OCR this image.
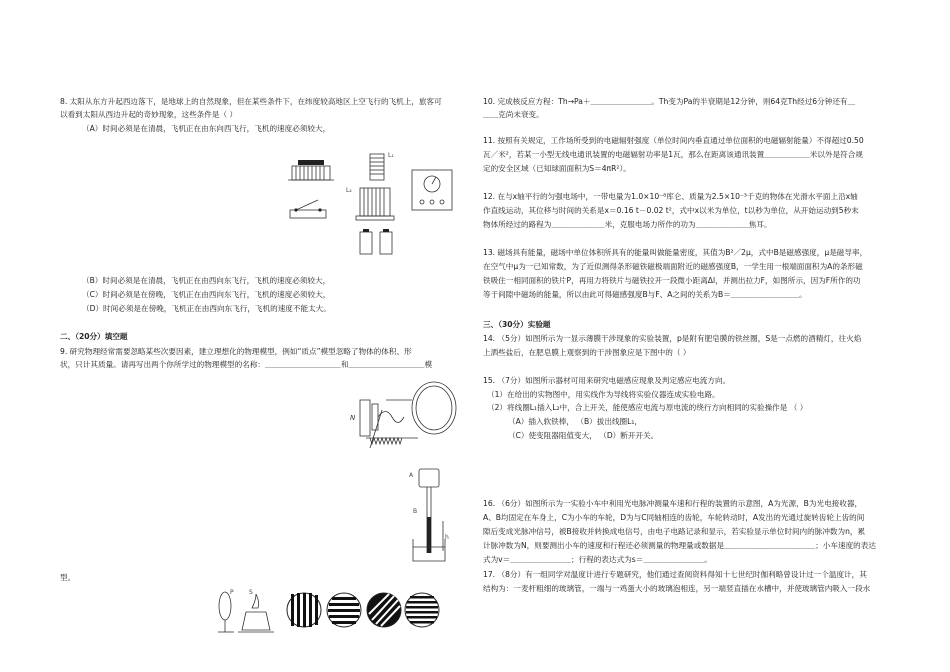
8. 太阳从东方升起西边落下，是地球上的自然现象，但在某些条件下，在纬度较高地区上空飞行的飞机上，旅客可
以看到太阳从西边升起的奇妙现象，这些条件是（ ）
（A）时间必须是在清晨，飞机正在由东向西飞行，飞机的速度必须较大，
L₁
L₂
（B）时间必须是在清晨，飞机正在由西向东飞行，飞机的速度必须较大，
（C）时间必须是在傍晚，飞机正在由西向东飞行，飞机的速度必须较大，
（D）时间必须是在傍晚，飞机正在由西向东飞行，飞机的速度不能太大。
二、（20分）填空题
9. 研究物理经常需要忽略某些次要因素，建立理想化的物理模型，例如“质点”模型忽略了物体的体积、形
状，只计其质量。请再写出两个你所学过的物理模型的名称：＿＿＿＿＿＿＿＿＿＿和＿＿＿＿＿＿＿＿＿＿模
N
A
B
h
型。
P	S
10. 完成核反应方程：Th→Pa＋＿＿＿＿＿＿＿＿。Th变为Pa的半衰期是12分钟，则64克Th经过6分钟还有＿
＿＿克尚未衰变。
11. 按照有关规定，工作场所受到的电磁辐射强度（单位时间内垂直通过单位面积的电磁辐射能量）不得超过0.50
瓦／米²，若某一小型无线电通讯装置的电磁辐射功率是1瓦，那么在距离该通讯装置＿＿＿＿＿＿米以外是符合规
定的安全区域（已知球面面积为S＝4πR²）。
12. 在与x轴平行的匀强电场中，一带电量为1.0×10⁻⁸库仑、质量为2.5×10⁻³千克的物体在光滑水平面上沿x轴
作直线运动，其位移与时间的关系是x＝0.16 t－0.02 t²，式中x以米为单位，t以秒为单位，从开始运动到5秒末
物体所经过的路程为＿＿＿＿＿＿＿米，克服电场力所作的功为＿＿＿＿＿＿＿焦耳。
13. 磁场具有能量，磁场中单位体积所具有的能量叫做能量密度，其值为B²／2μ，式中B是磁感强度，μ是磁导率，
在空气中μ为一已知常数，为了近似测得条形磁铁磁极端面附近的磁感强度B，一学生用一根端面面积为A的条形磁
铁吸住一相同面积的铁片P，再用力将铁片与磁铁拉开一段微小距离Δl，并测出拉力F，如图所示，因为F所作的功
等于间隙中磁场的能量，所以由此可得磁感强度B与F、A之间的关系为B＝＿＿＿＿＿＿＿＿＿。
三、（30分）实验题
14. （5分）如图所示为一显示薄膜干涉现象的实验装置，p是附有肥皂膜的铁丝圈，S是一点燃的酒精灯，往火焰
上洒些盐后，在肥皂膜上观察到的干涉图象应是下图中的（ ）
15. （7分）如图所示器材可用来研究电磁感应现象及判定感应电流方向。
（1）在给出的实物图中，用实线作为导线将实验仪器连成实验电路。
（2）将线圈L₁插入L₂中，合上开关，能使感应电流与原电流的绕行方向相同的实验操作是 （ ）
（A）插入软铁棒， （B）拔出线圈L₁，
（C）使变阻器阻值变大， （D）断开开关。
16. （6分）如图所示为一实验小车中利用光电脉冲测量车速和行程的装置的示意图，A为光源，B为光电接收器，
A、B均固定在车身上，C为小车的车轮，D为与C同轴相连的齿轮，车轮转动时，A发出的光通过旋转齿轮上齿的间
隙后变成光脉冲信号，被B接收并转换成电信号，由电子电路记录和显示，若实验显示单位时间内的脉冲数为n，累
计脉冲数为N，则要测出小车的速度和行程还必须测量的物理量或数据是＿＿＿＿＿＿＿＿＿＿＿＿；小车速度的表达
式为v＝＿＿＿＿＿＿＿＿；行程的表达式为s＝＿＿＿＿＿＿＿＿。
17. （8分）有一组同学对温度计进行专题研究，他们通过查阅资料得知十七世纪时伽利略曾设计过一个温度计，其
结构为：一麦杆粗细的玻璃管，一端与一鸡蛋大小的玻璃泡相连，另一端竖直插在水槽中，并使玻璃管内吸入一段水
